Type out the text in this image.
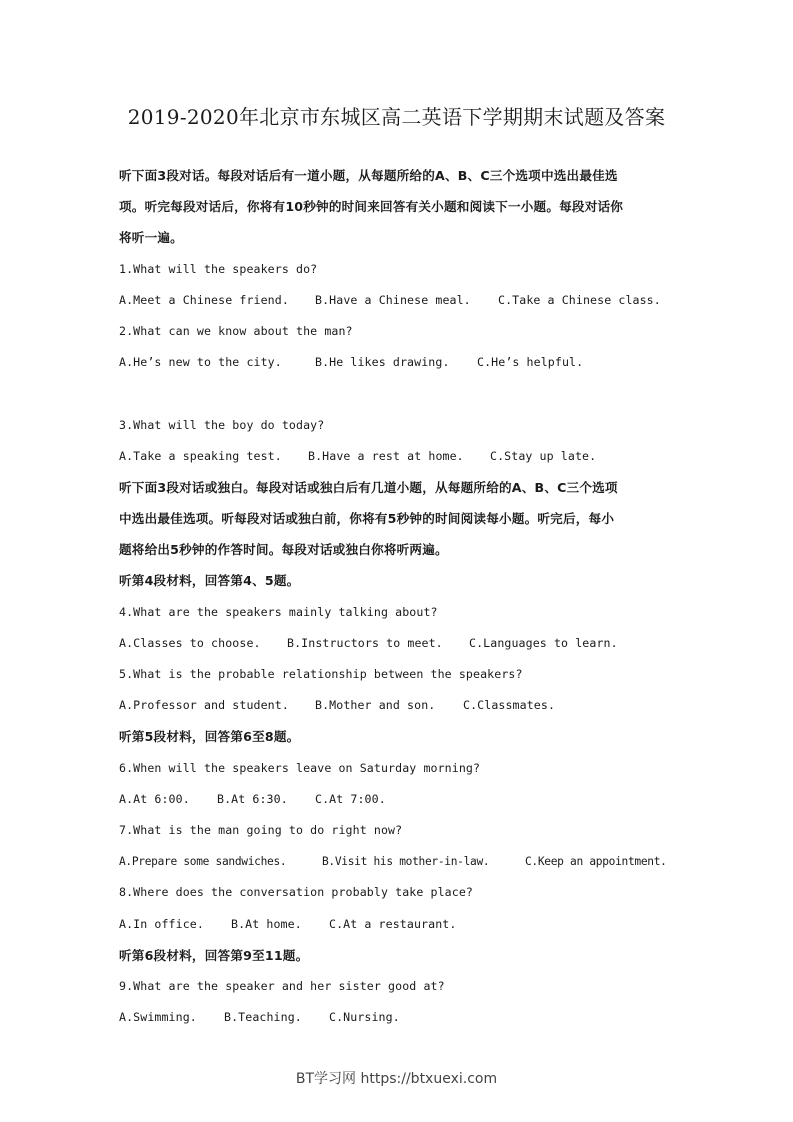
2019-2020年北京市东城区高二英语下学期期末试题及答案
听下面3段对话。每段对话后有一道小题，从每题所给的A、B、C三个选项中选出最佳选
项。听完每段对话后，你将有10秒钟的时间来回答有关小题和阅读下一小题。每段对话你
将听一遍。
1.What will the speakers do?
A.Meet a Chinese friend. B.Have a Chinese meal. C.Take a Chinese class.
2.What can we know about the man?
A.He’s new to the city.	B.He likes drawing. C.He’s helpful.
3.What will the boy do today?
A.Take a speaking test. B.Have a rest at home. C.Stay up late.
听下面3段对话或独白。每段对话或独白后有几道小题，从每题所给的A、B、C三个选项
中选出最佳选项。听每段对话或独白前，你将有5秒钟的时间阅读每小题。听完后，每小
题将给出5秒钟的作答时间。每段对话或独白你将听两遍。
听第4段材料，回答第4、5题。
4.What are the speakers mainly talking about?
A.Classes to choose. B.Instructors to meet. C.Languages to learn.
5.What is the probable relationship between the speakers?
A.Professor and student. B.Mother and son. C.Classmates.
听第5段材料，回答第6至8题。
6.When will the speakers leave on Saturday morning?
A.At 6:00. B.At 6:30. C.At 7:00.
7.What is the man going to do right now?
A.Prepare some sandwiches.	B.Visit his mother-in-law.	C.Keep an appointment.
8.Where does the conversation probably take place?
A.In office. B.At home. C.At a restaurant.
听第6段材料，回答第9至11题。
9.What are the speaker and her sister good at?
A.Swimming. B.Teaching. C.Nursing.
BT学习网 https://btxuexi.com
